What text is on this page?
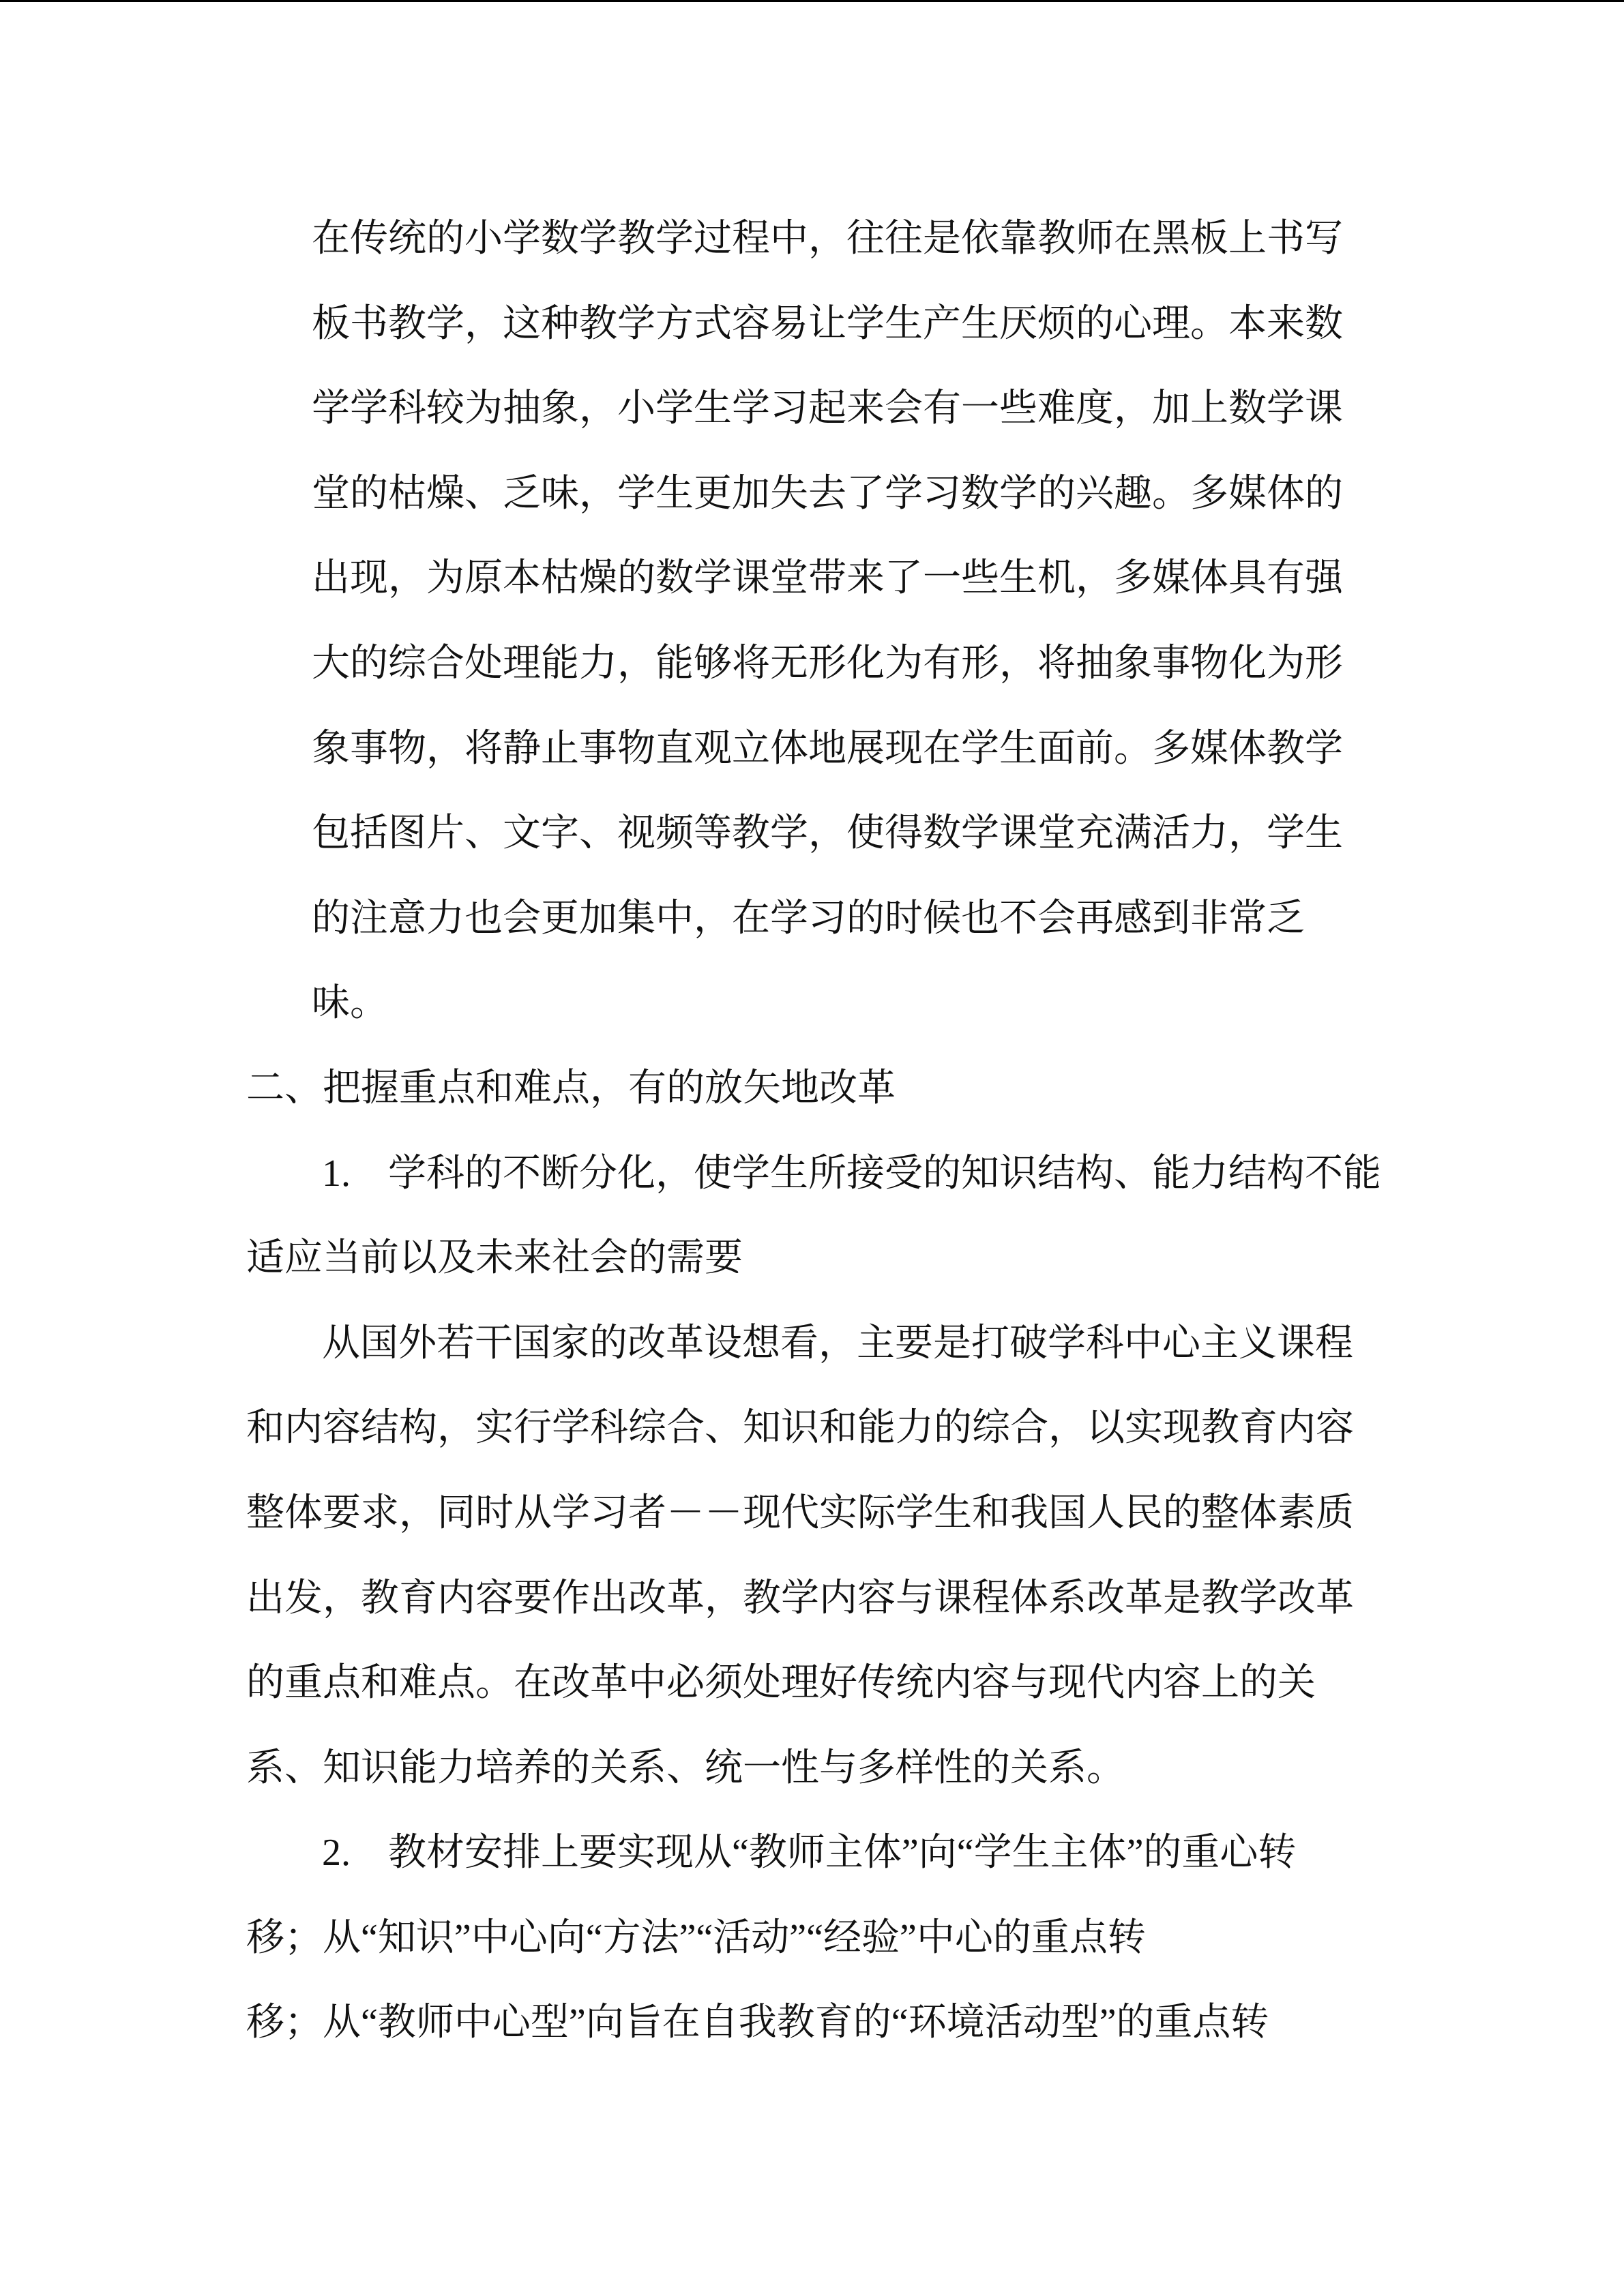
在传统的小学数学教学过程中，往往是依靠教师在黑板上书写
板书教学，这种教学方式容易让学生产生厌烦的心理。本来数
学学科较为抽象，小学生学习起来会有一些难度，加上数学课
堂的枯燥、乏味，学生更加失去了学习数学的兴趣。多媒体的
出现，为原本枯燥的数学课堂带来了一些生机，多媒体具有强
大的综合处理能力，能够将无形化为有形，将抽象事物化为形
象事物，将静止事物直观立体地展现在学生面前。多媒体教学
包括图片、文字、视频等教学，使得数学课堂充满活力，学生
的注意力也会更加集中，在学习的时候也不会再感到非常乏
味。
二、把握重点和难点，有的放矢地改革
1. 学科的不断分化，使学生所接受的知识结构、能力结构不能
适应当前以及未来社会的需要
从国外若干国家的改革设想看，主要是打破学科中心主义课程
和内容结构，实行学科综合、知识和能力的综合，以实现教育内容
整体要求，同时从学习者－－现代实际学生和我国人民的整体素质
出发，教育内容要作出改革，教学内容与课程体系改革是教学改革
的重点和难点。在改革中必须处理好传统内容与现代内容上的关
系、知识能力培养的关系、统一性与多样性的关系。
2. 教材安排上要实现从“教师主体”向“学生主体”的重心转
移；从“知识”中心向“方法”“活动”“经验”中心的重点转
移；从“教师中心型”向旨在自我教育的“环境活动型”的重点转
